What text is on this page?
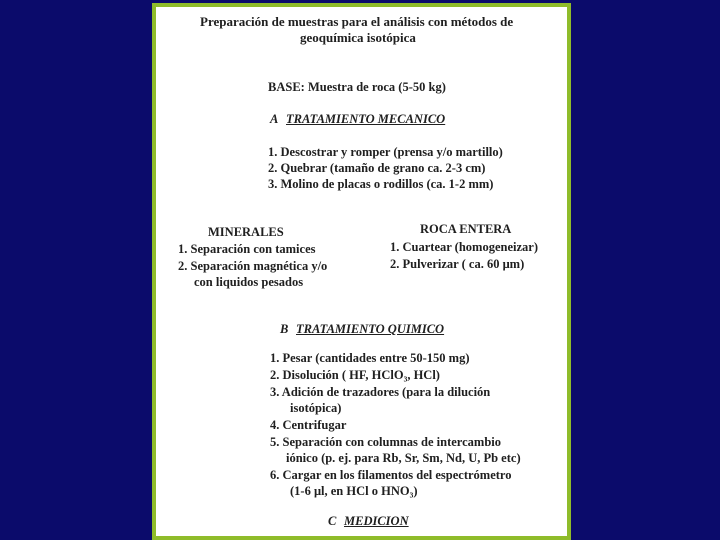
Preparación de muestras para el análisis con métodos de
geoquímica isotópica
BASE: Muestra de roca (5-50 kg)
A TRATAMIENTO MECANICO
1. Descostrar y romper (prensa y/o martillo)
2. Quebrar (tamaño de grano ca. 2-3 cm)
3. Molino de placas o rodillos (ca. 1-2 mm)
MINERALES
1. Separación con tamices
2. Separación magnética y/o
con liquidos pesados
ROCA ENTERA
1. Cuartear (homogeneizar)
2. Pulverizar ( ca. 60 μm)
B TRATAMIENTO QUIMICO
1. Pesar (cantidades entre 50-150 mg)
2. Disolución ( HF, HClO₃, HCl)
3. Adición de trazadores (para la dilución
isotópica)
4. Centrifugar
5. Separación con columnas de intercambio
iónico (p. ej. para Rb, Sr, Sm, Nd, U, Pb etc)
6. Cargar en los filamentos del espectrómetro
(1-6 μl, en HCl o HNO₃)
C MEDICION
